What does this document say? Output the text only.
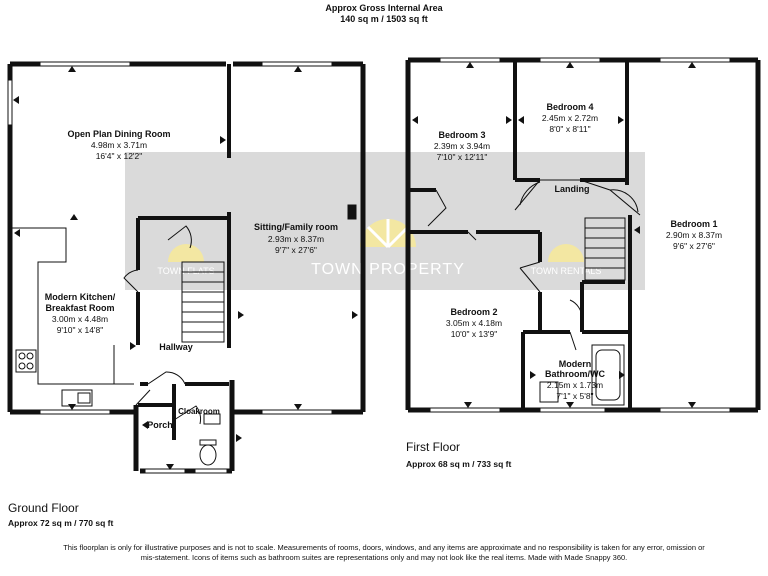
Approx Gross Internal Area
140 sq m / 1503 sq ft
TOWN PROPERTY
TOWN FLATS	TOWN RENTALS
Open Plan Dining Room
4.98m x 3.71m
16'4" x 12'2"
Modern Kitchen/
Breakfast Room
3.00m x 4.48m
9'10" x 14'8"
Sitting/Family room
2.93m x 8.37m
9'7" x 27'6"
Hallway
Porch
Cloakroom
Bedroom 3
2.39m x 3.94m
7'10" x 12'11"
Bedroom 4
2.45m x 2.72m
8'0" x 8'11"
Bedroom 1
2.90m x 8.37m
9'6" x 27'6"
Bedroom 2
3.05m x 4.18m
10'0" x 13'9"
Landing
Modern
Bathroom/WC
2.15m x 1.73m
7'1" x 5'8"
First Floor
Approx 68 sq m / 733 sq ft
Ground Floor
Approx 72 sq m / 770 sq ft
This floorplan is only for illustrative purposes and is not to scale. Measurements of rooms, doors, windows, and any items are approximate and no responsibility is taken for any error, omission or mis-statement. Icons of items such as bathroom suites are representations only and may not look like the real items. Made with Made Snappy 360.
